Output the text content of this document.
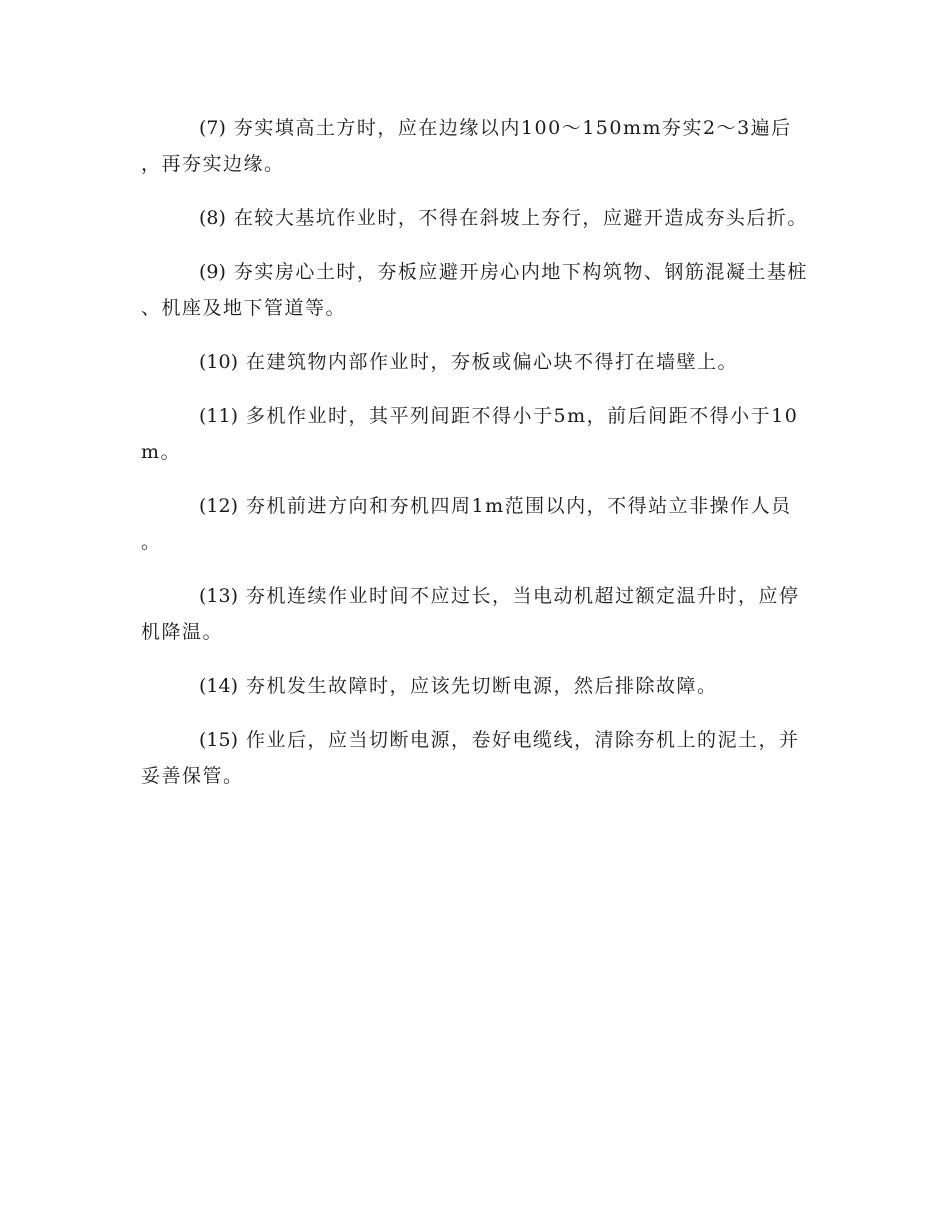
(7) 夯实填高土方时，应在边缘以内100～150mm夯实2～3遍后，再夯实边缘。

(8) 在较大基坑作业时，不得在斜坡上夯行，应避开造成夯头后折。

(9) 夯实房心土时，夯板应避开房心内地下构筑物、钢筋混凝土基桩、机座及地下管道等。

(10) 在建筑物内部作业时，夯板或偏心块不得打在墙壁上。

(11) 多机作业时，其平列间距不得小于5m，前后间距不得小于10m。

(12) 夯机前进方向和夯机四周1m范围以内，不得站立非操作人员。

(13) 夯机连续作业时间不应过长，当电动机超过额定温升时，应停机降温。

(14) 夯机发生故障时，应该先切断电源，然后排除故障。

(15) 作业后，应当切断电源，卷好电缆线，清除夯机上的泥土，并妥善保管。
